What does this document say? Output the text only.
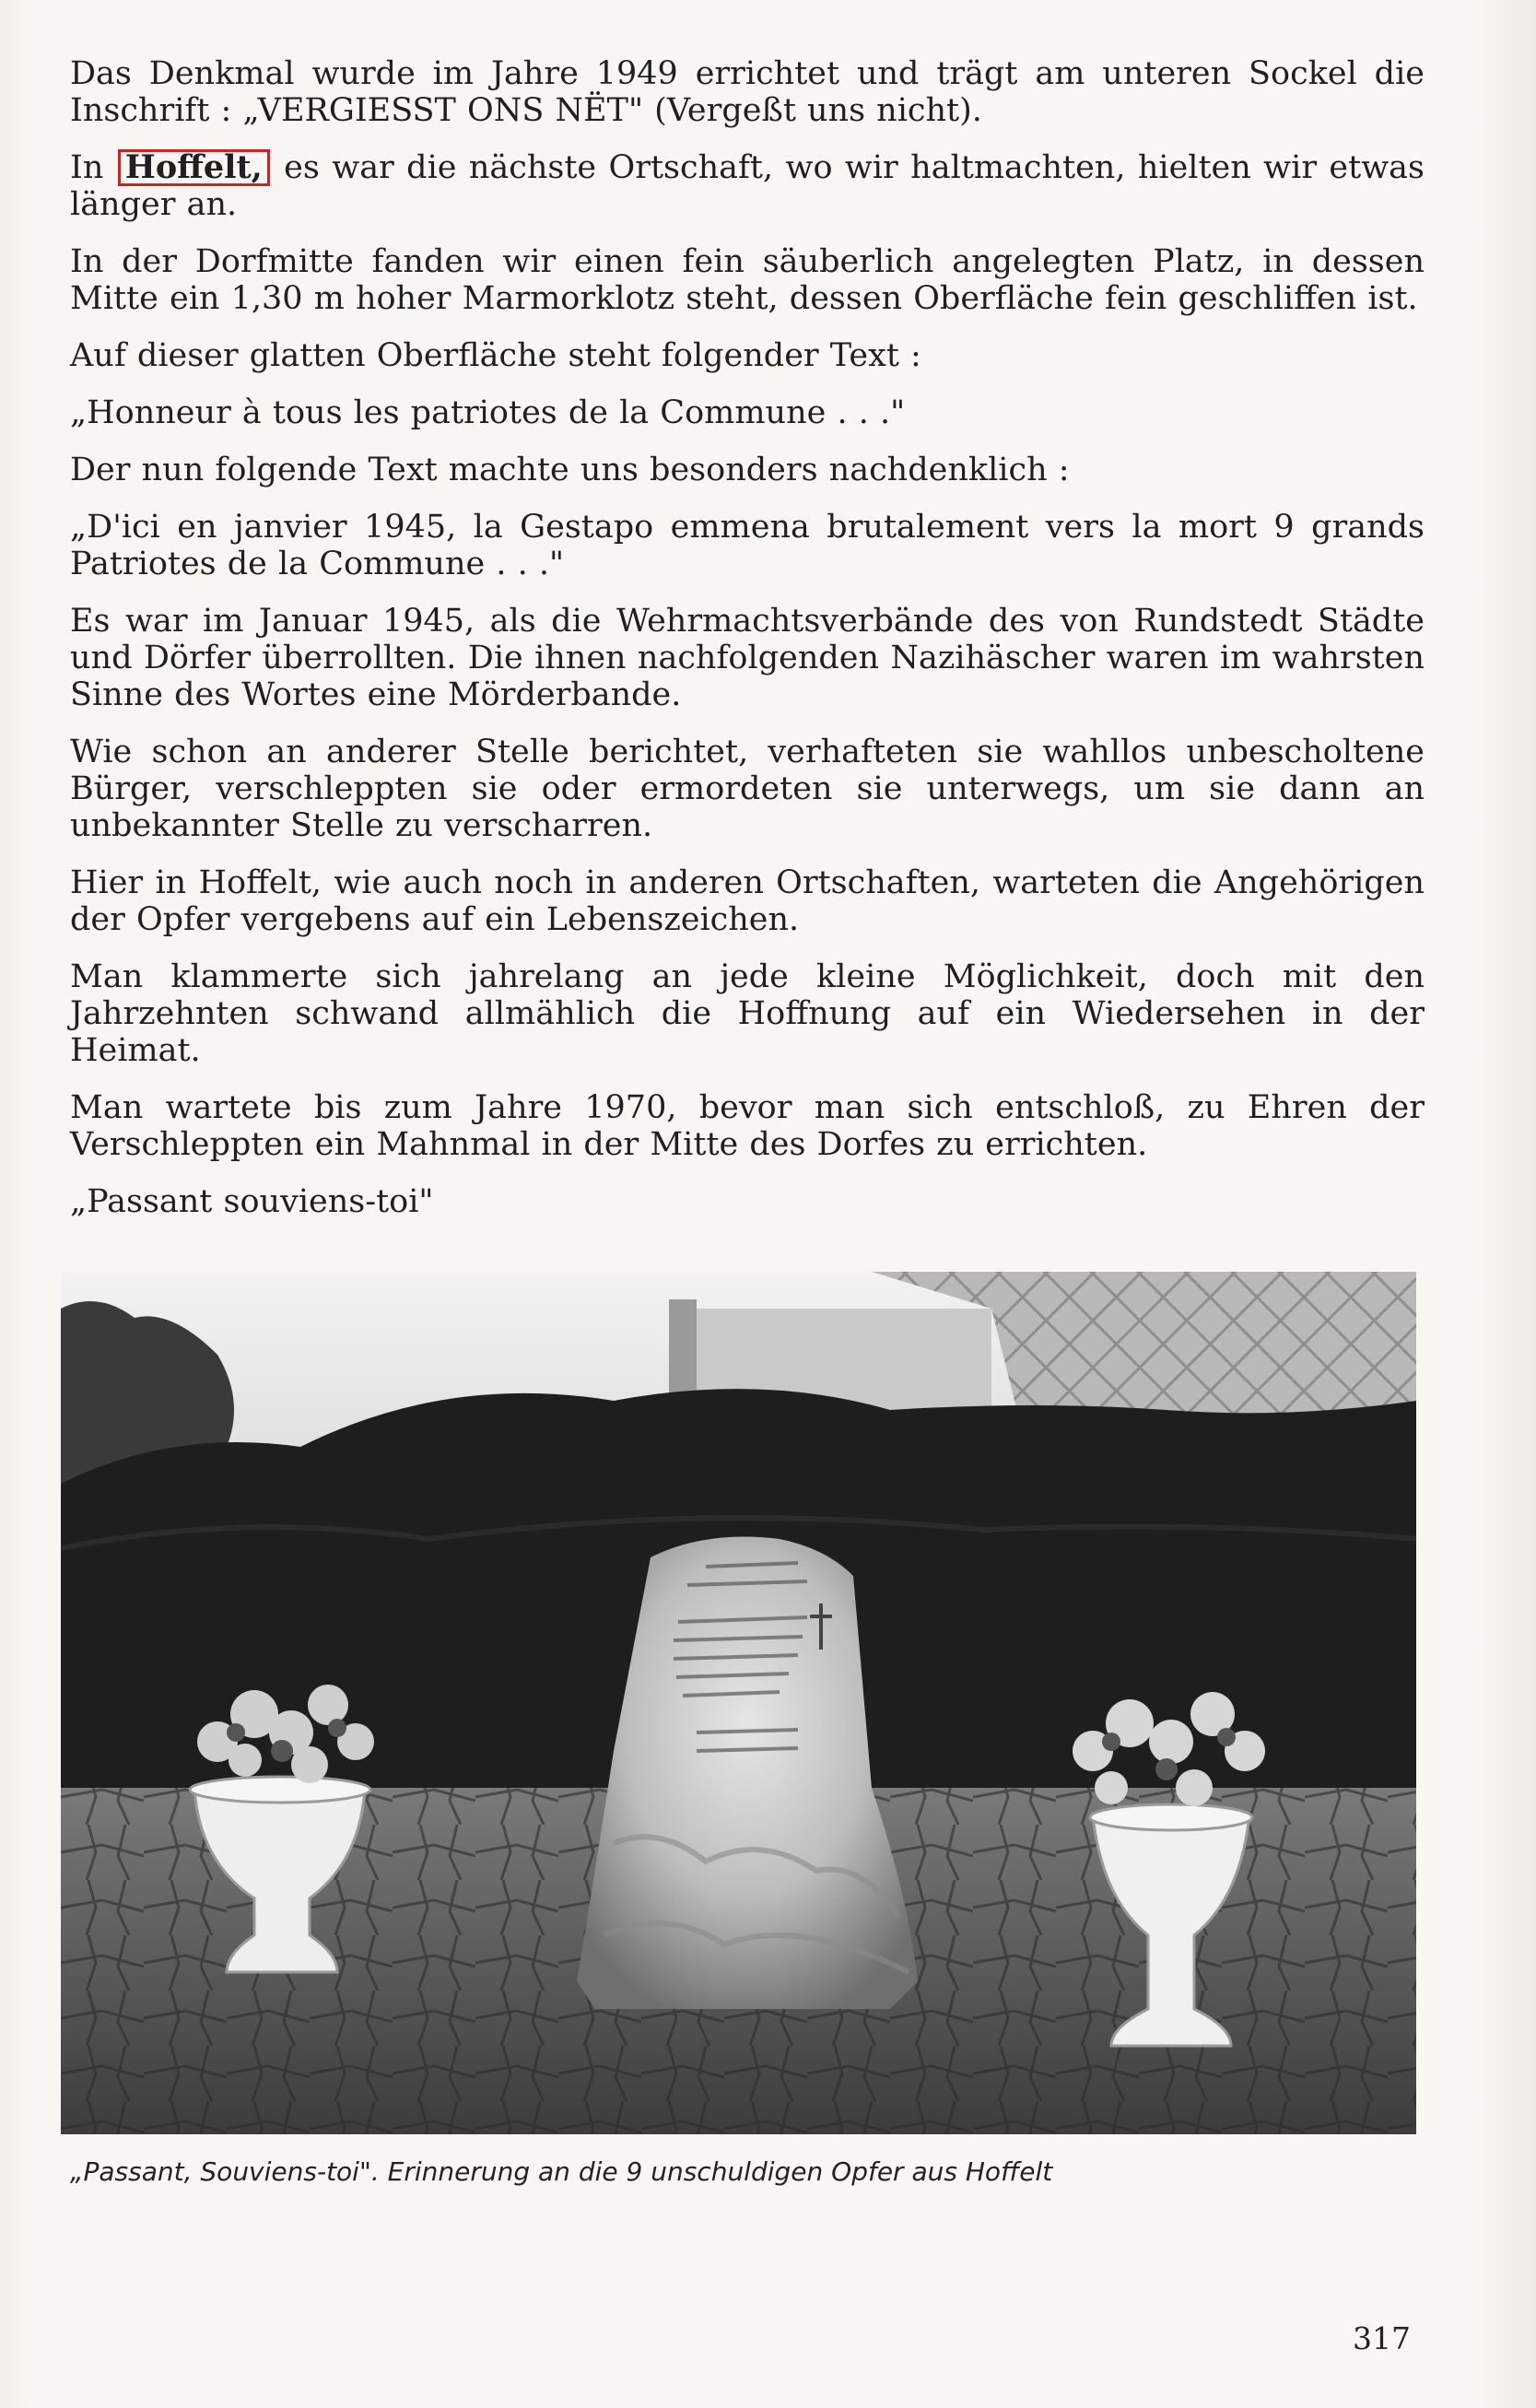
Das Denkmal wurde im Jahre 1949 errichtet und trägt am unteren Sockel die Inschrift : „VERGIESST ONS NËT" (Vergeßt uns nicht).

In Hoffelt, es war die nächste Ortschaft, wo wir haltmachten, hielten wir etwas länger an.

In der Dorfmitte fanden wir einen fein säuberlich angelegten Platz, in dessen Mitte ein 1,30 m hoher Marmorklotz steht, dessen Oberfläche fein geschliffen ist.

Auf dieser glatten Oberfläche steht folgender Text :

„Honneur à tous les patriotes de la Commune . . ."

Der nun folgende Text machte uns besonders nachdenklich :

„D'ici en janvier 1945, la Gestapo emmena brutalement vers la mort 9 grands Patriotes de la Commune . . ."

Es war im Januar 1945, als die Wehrmachtsverbände des von Rundstedt Städte und Dörfer überrollten. Die ihnen nachfolgenden Nazihäscher waren im wahrsten Sinne des Wortes eine Mörderbande.

Wie schon an anderer Stelle berichtet, verhafteten sie wahllos unbescholtene Bürger, verschleppten sie oder ermordeten sie unterwegs, um sie dann an unbekannter Stelle zu verscharren.

Hier in Hoffelt, wie auch noch in anderen Ortschaften, warteten die Angehörigen der Opfer vergebens auf ein Lebenszeichen.

Man klammerte sich jahrelang an jede kleine Möglichkeit, doch mit den Jahrzehnten schwand allmählich die Hoffnung auf ein Wiedersehen in der Heimat.

Man wartete bis zum Jahre 1970, bevor man sich entschloß, zu Ehren der Verschleppten ein Mahnmal in der Mitte des Dorfes zu errichten.

„Passant souviens-toi"

„Passant, Souviens-toi". Erinnerung an die 9 unschuldigen Opfer aus Hoffelt
317
